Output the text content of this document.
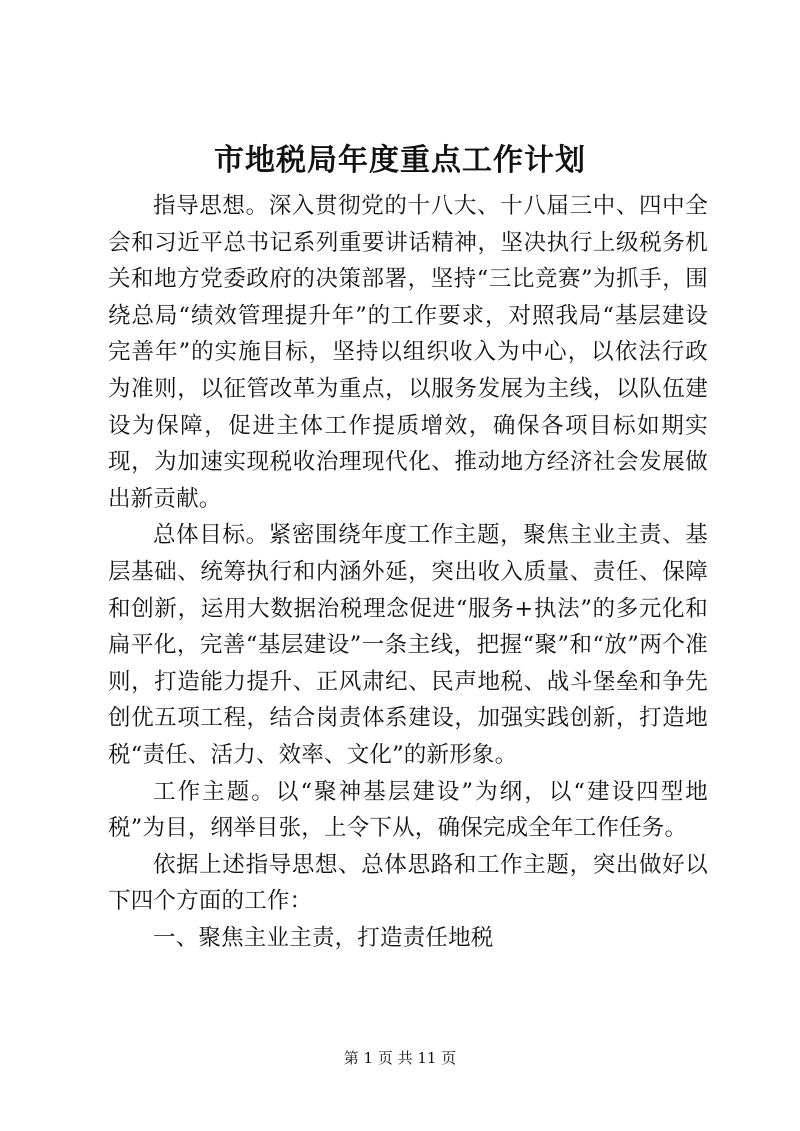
市地税局年度重点工作计划

指导思想。深入贯彻党的十八大、十八届三中、四中全会和习近平总书记系列重要讲话精神，坚决执行上级税务机关和地方党委政府的决策部署，坚持“三比竞赛”为抓手，围绕总局“绩效管理提升年”的工作要求，对照我局“基层建设完善年”的实施目标，坚持以组织收入为中心，以依法行政为准则，以征管改革为重点，以服务发展为主线，以队伍建设为保障，促进主体工作提质增效，确保各项目标如期实现，为加速实现税收治理现代化、推动地方经济社会发展做出新贡献。

总体目标。紧密围绕年度工作主题，聚焦主业主责、基层基础、统筹执行和内涵外延，突出收入质量、责任、保障和创新，运用大数据治税理念促进“服务+执法”的多元化和扁平化，完善“基层建设”一条主线，把握“聚”和“放”两个准则，打造能力提升、正风肃纪、民声地税、战斗堡垒和争先创优五项工程，结合岗责体系建设，加强实践创新，打造地税“责任、活力、效率、文化”的新形象。

工作主题。以“聚神基层建设”为纲，以“建设四型地税”为目，纲举目张，上令下从，确保完成全年工作任务。

依据上述指导思想、总体思路和工作主题，突出做好以下四个方面的工作：

一、聚焦主业主责，打造责任地税

第 1 页 共 11 页
